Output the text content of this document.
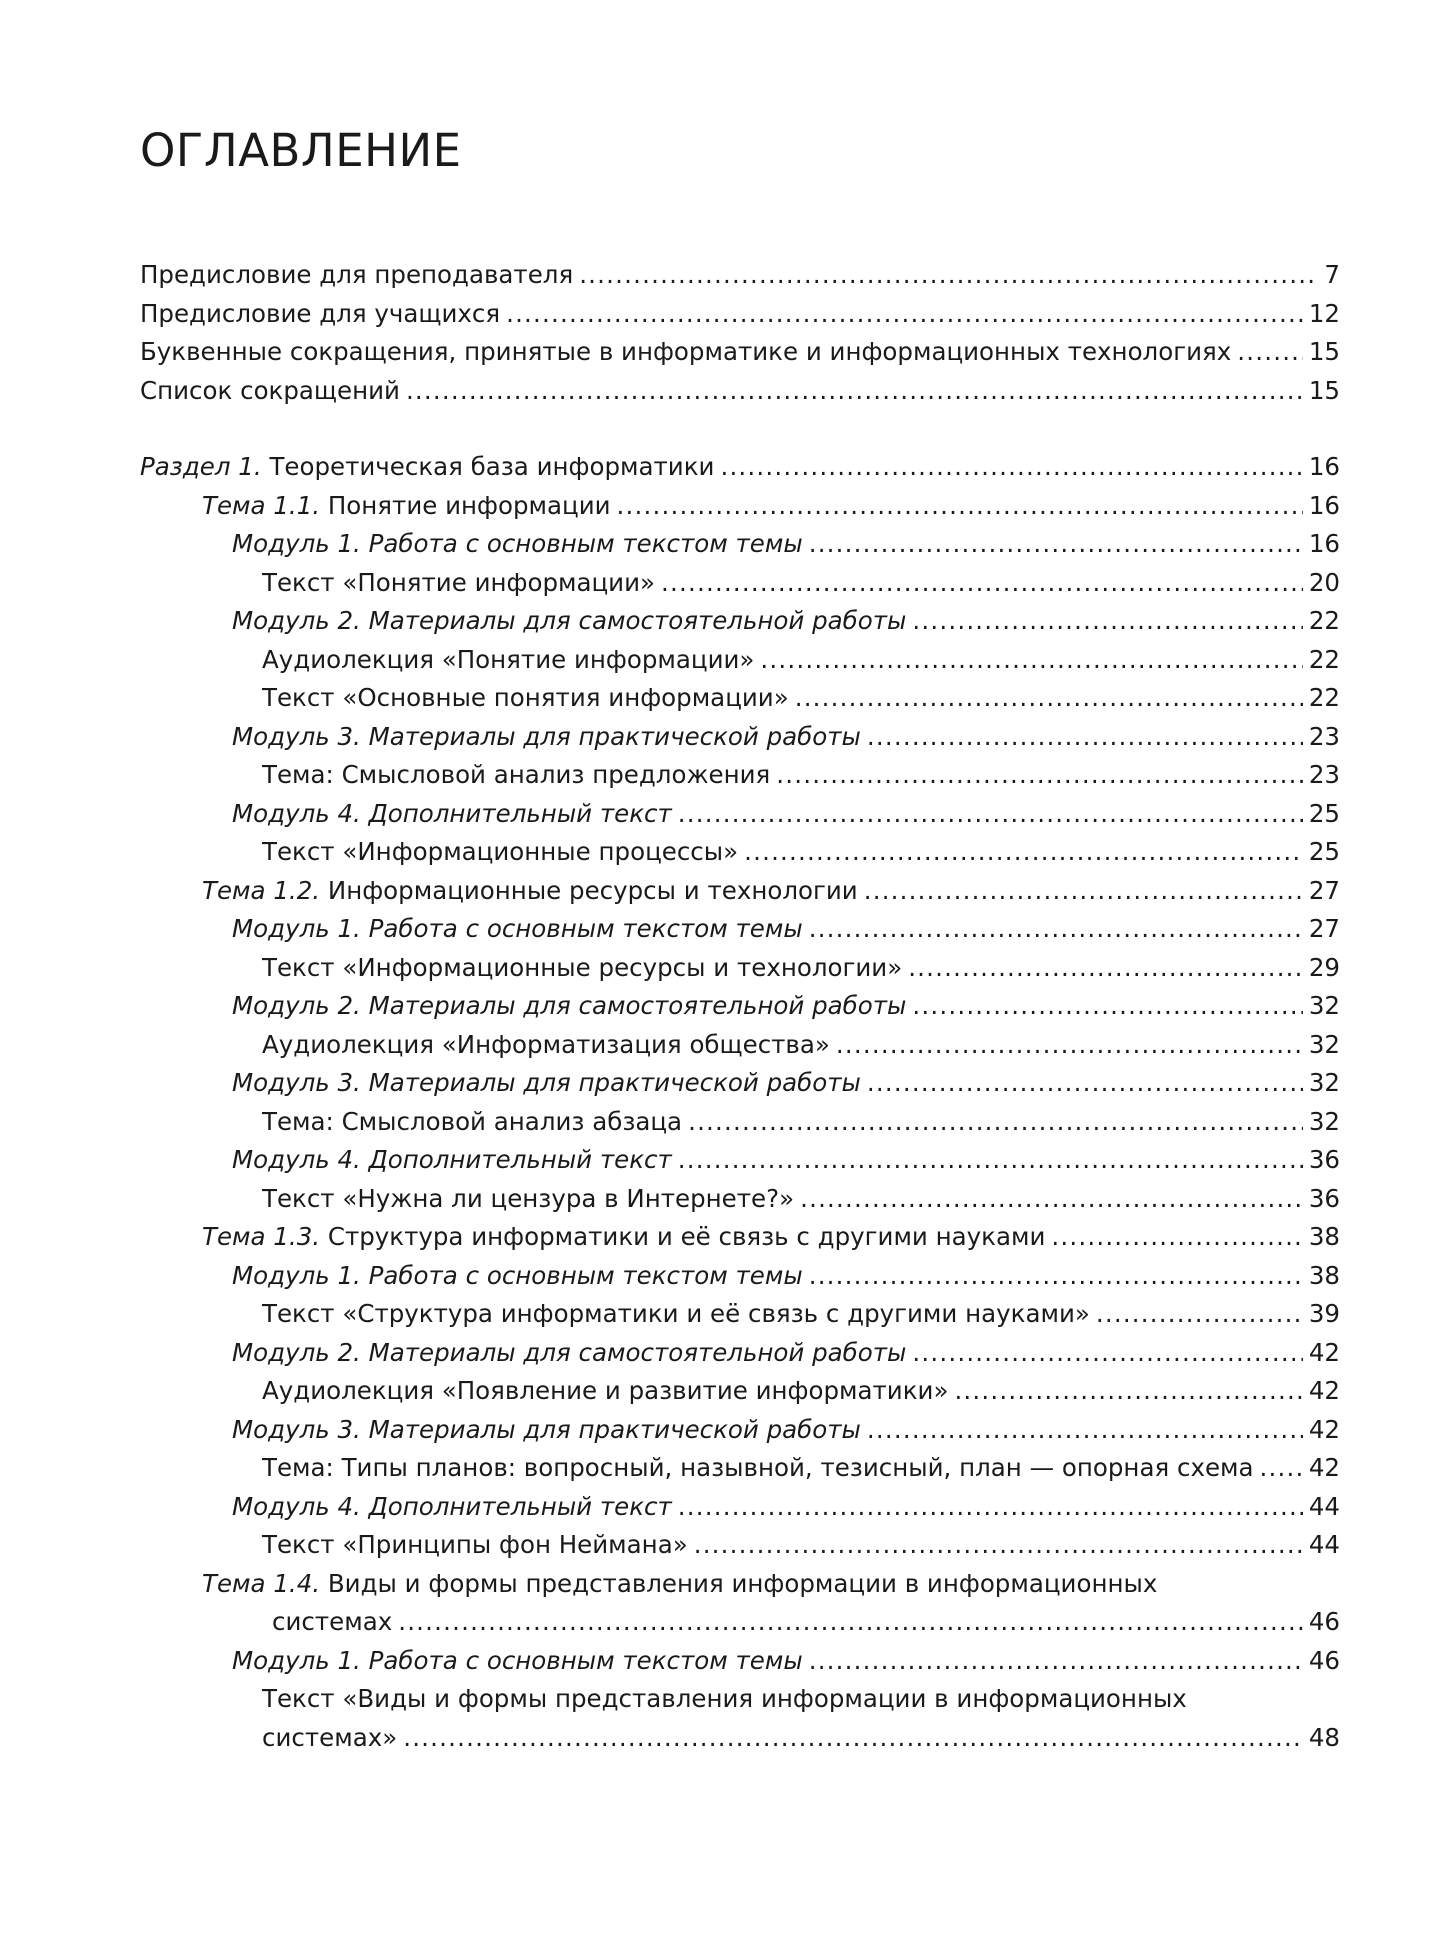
ОГЛАВЛЕНИЕ
Предисловие для преподавателя .....	7
Предисловие для учащихся .....	12
Буквенные сокращения, принятые в информатике и информационных технологиях .....	15
Список сокращений .....	15
Раздел 1. Теоретическая база информатики .....	16
Тема 1.1. Понятие информации .....	16
Модуль 1. Работа с основным текстом темы .....	16
Текст «Понятие информации» .....	20
Модуль 2. Материалы для самостоятельной работы .....	22
Аудиолекция «Понятие информации» .....	22
Текст «Основные понятия информации» .....	22
Модуль 3. Материалы для практической работы .....	23
Тема: Смысловой анализ предложения .....	23
Модуль 4. Дополнительный текст .....	25
Текст «Информационные процессы» .....	25
Тема 1.2. Информационные ресурсы и технологии .....	27
Модуль 1. Работа с основным текстом темы .....	27
Текст «Информационные ресурсы и технологии» .....	29
Модуль 2. Материалы для самостоятельной работы .....	32
Аудиолекция «Информатизация общества» .....	32
Модуль 3. Материалы для практической работы .....	32
Тема: Смысловой анализ абзаца .....	32
Модуль 4. Дополнительный текст .....	36
Текст «Нужна ли цензура в Интернете?» .....	36
Тема 1.3. Структура информатики и её связь с другими науками .....	38
Модуль 1. Работа с основным текстом темы .....	38
Текст «Структура информатики и её связь с другими науками» .....	39
Модуль 2. Материалы для самостоятельной работы .....	42
Аудиолекция «Появление и развитие информатики» .....	42
Модуль 3. Материалы для практической работы .....	42
Тема: Типы планов: вопросный, назывной, тезисный, план — опорная схема ..... 42
Модуль 4. Дополнительный текст .....	44
Текст «Принципы фон Неймана» .....	44
Тема 1.4. Виды и формы представления информации в информационных
системах .....	46
Модуль 1. Работа с основным текстом темы .....	46
Текст «Виды и формы представления информации в информационных
системах» .....	48
